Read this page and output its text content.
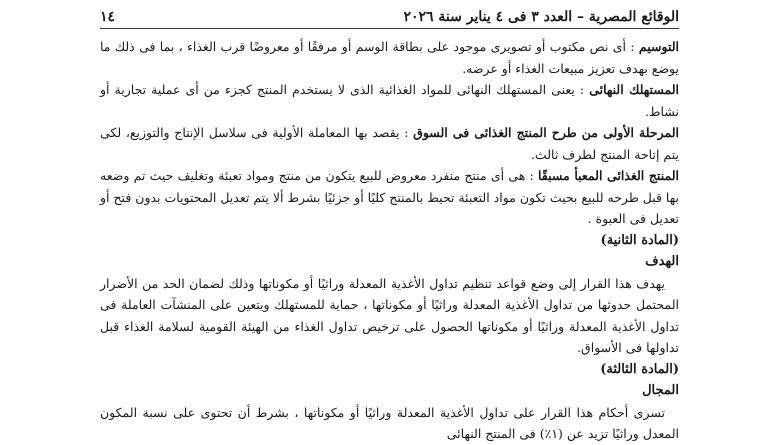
الوقائع المصرية – العدد ٣ فى ٤ يناير سنة ٢٠٢٦
١٤

التوسيم : أى نص مكتوب أو تصويرى موجود على بطاقة الوسم أو مرفقًا أو معروضًا قرب الغذاء ، بما فى ذلك ما يوضع بهدف تعزيز مبيعات الغذاء أو عرضه.

المستهلك النهائى : يعنى المستهلك النهائى للمواد الغذائية الذى لا يستخدم المنتج كجزء من أى عملية تجارية أو نشاط.

المرحلة الأولى من طرح المنتج الغذائى فى السوق : يقصد بها المعاملة الأولية فى سلاسل الإنتاج والتوزيع، لكى يتم إتاحة المنتج لطرف ثالث.

المنتج الغذائى المعبأ مسبقًا : هى أى منتج منفرد معروض للبيع يتكون من منتج ومواد تعبئة وتغليف حيث تم وضعه بها قبل طرحه للبيع بحيث تكون مواد التعبئة تحيط بالمنتج كليًا أو جزئيًا بشرط ألا يتم تعديل المحتويات بدون فتح أو تعديل فى العبوة .

(المادة الثانية)

الهدف

يهدف هذا القرار إلى وضع قواعد تنظيم تداول الأغذية المعدلة وراثيًا أو مكوناتها وذلك لضمان الحد من الأضرار المحتمل حدوثها من تداول الأغذية المعدلة وراثيًا أو مكوناتها ، حماية للمستهلك ويتعين على المنشآت العاملة فى تداول الأغذية المعدلة وراثيًا أو مكوناتها الحصول على ترخيص تداول الغذاء من الهيئة القومية لسلامة الغذاء قبل تداولها فى الأسواق.

(المادة الثالثة)

المجال

تسرى أحكام هذا القرار على تداول الأغذية المعدلة وراثيًا أو مكوناتها ، بشرط أن تحتوى على نسبة المكون المعدل وراثيًا تزيد عن (١٪) فى المنتج النهائى
